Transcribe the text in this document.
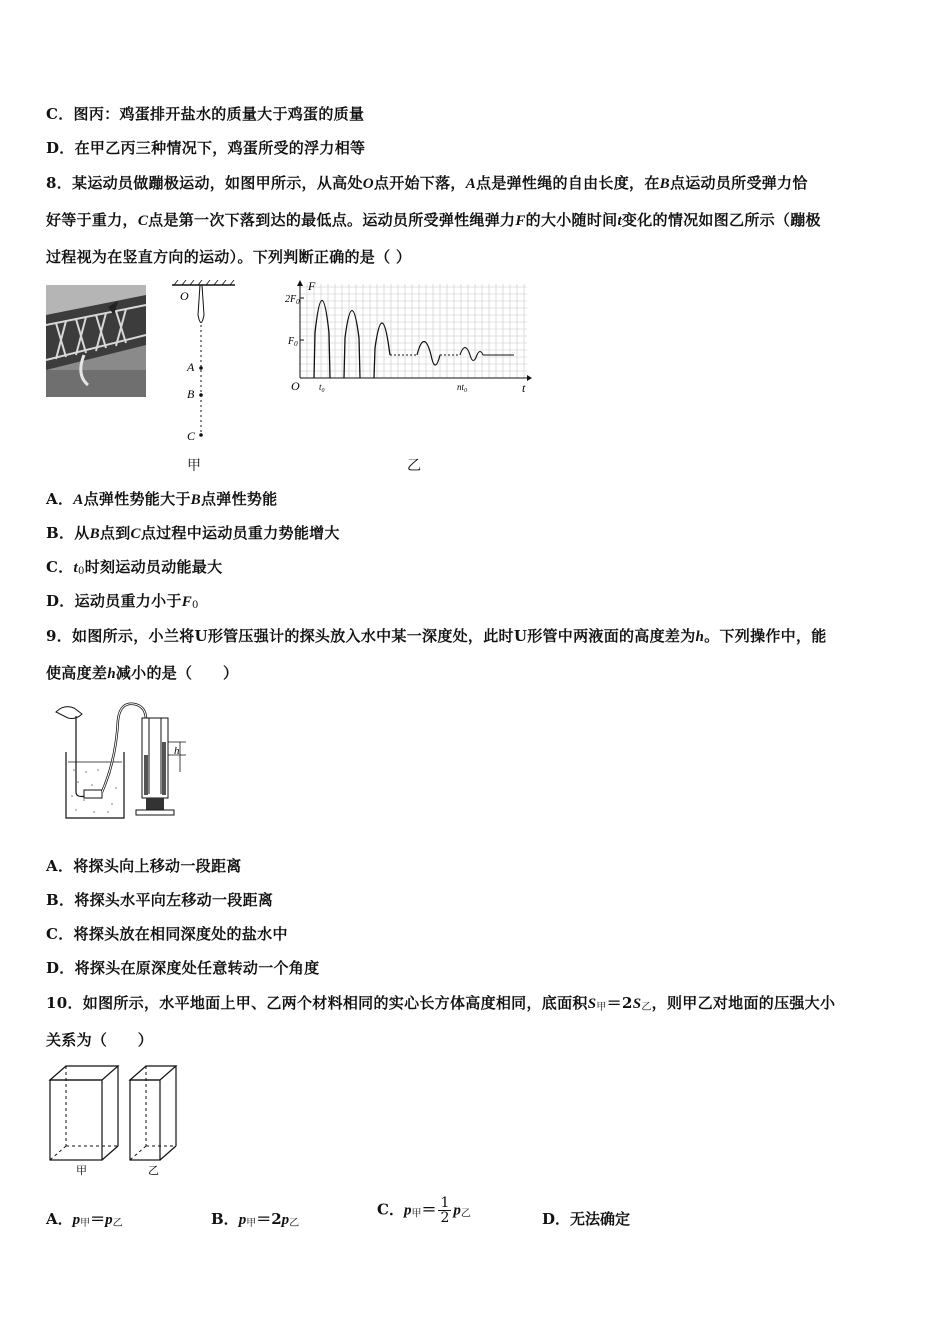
C．图丙：鸡蛋排开盐水的质量大于鸡蛋的质量
D．在甲乙丙三种情况下，鸡蛋所受的浮力相等
8．某运动员做蹦极运动，如图甲所示，从高处O点开始下落，A点是弹性绳的自由长度，在B点运动员所受弹力恰
好等于重力，C点是第一次下落到达的最低点。运动员所受弹性绳弹力F的大小随时间t变化的情况如图乙所示（蹦极
过程视为在竖直方向的运动）。下列判断正确的是（ ）
O
A
B
C
甲
$2F_0$
$F_0$
F
O $t_0$	$nt_0$	t
乙
A．A点弹性势能大于B点弹性势能
B．从B点到C点过程中运动员重力势能增大
C．$t_0$时刻运动员动能最大
D．运动员重力小于$F_0$
9．如图所示，小兰将U形管压强计的探头放入水中某一深度处，此时U形管中两液面的高度差为h。下列操作中，能
使高度差h减小的是（　　）
h
A．将探头向上移动一段距离
B．将探头水平向左移动一段距离
C．将探头放在相同深度处的盐水中
D．将探头在原深度处任意转动一个角度
10．如图所示，水平地面上甲、乙两个材料相同的实心长方体高度相同，底面积$S_甲=2S_乙$，则甲乙对地面的压强大小
关系为（　　）
甲	乙
A．$p_甲=p_乙$	B．$p_甲=2p_乙$
C．$p_甲= \frac{1}{2} p_乙$	D．无法确定
